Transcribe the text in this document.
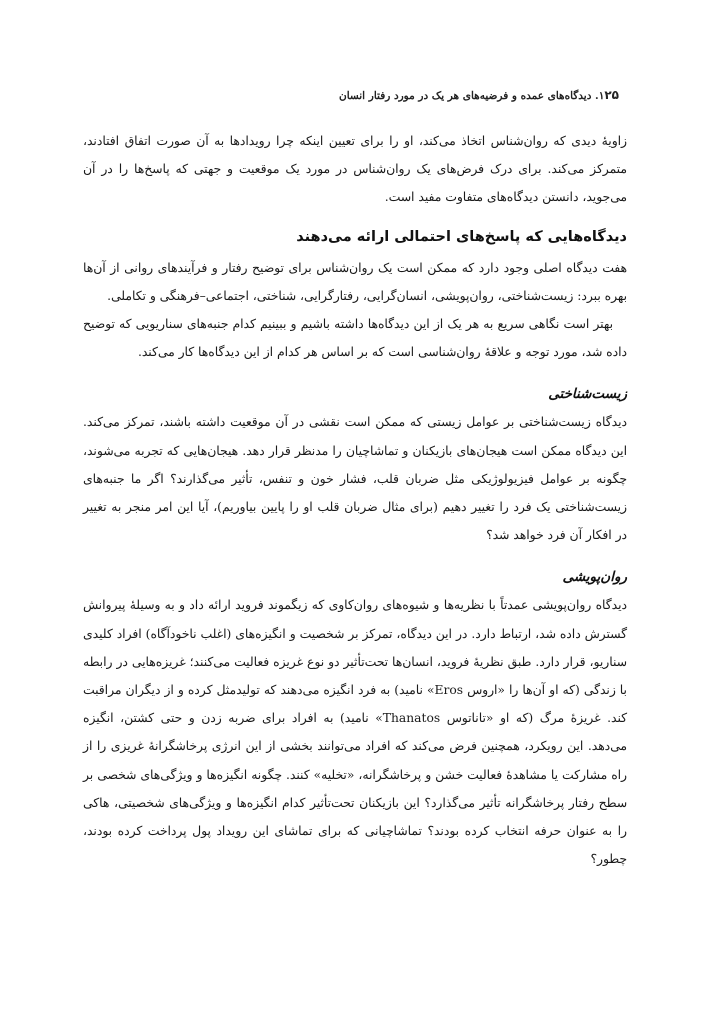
۲۵
۱. دیدگاه‌های عمده و فرضیه‌های هر یک در مورد رفتار انسان

زاویهٔ دیدی که روان‌شناس اتخاذ می‌کند، او را برای تعیین اینکه چرا رویدادها به آن صورت اتفاق افتادند، متمرکز می‌کند. برای درک فرض‌های یک روان‌شناس در مورد یک موقعیت و جهتی که پاسخ‌ها را در آن می‌جوید، دانستن دیدگاه‌های متفاوت مفید است.

دیدگاه‌هایی که پاسخ‌های احتمالی ارائه می‌دهند

هفت دیدگاه اصلی وجود دارد که ممکن است یک روان‌شناس برای توضیح رفتار و فرآیندهای روانی از آن‌ها بهره ببرد: زیست‌شناختی، روان‌پویشی، انسان‌گرایی، رفتارگرایی، شناختی، اجتماعی–فرهنگی و تکاملی.

بهتر است نگاهی سریع به هر یک از این دیدگاه‌ها داشته باشیم و ببینیم کدام جنبه‌های سناریویی که توضیح داده شد، مورد توجه و علاقهٔ روان‌شناسی است که بر اساس هر کدام از این دیدگاه‌ها کار می‌کند.

زیست‌شناختی

دیدگاه زیست‌شناختی بر عوامل زیستی که ممکن است نقشی در آن موقعیت داشته باشند، تمرکز می‌کند. این دیدگاه ممکن است هیجان‌های بازیکنان و تماشاچیان را مدنظر قرار دهد. هیجان‌هایی که تجربه می‌شوند، چگونه بر عوامل فیزیولوژیکی مثل ضربان قلب، فشار خون و تنفس، تأثیر می‌گذارند؟ اگر ما جنبه‌های زیست‌شناختی یک فرد را تغییر دهیم (برای مثال ضربان قلب او را پایین بیاوریم)، آیا این امر منجر به تغییر در افکار آن فرد خواهد شد؟

روان‌پویشی

دیدگاه روان‌پویشی عمدتاً با نظریه‌ها و شیوه‌های روان‌کاوی که زیگموند فروید ارائه داد و به وسیلهٔ پیروانش گسترش داده شد، ارتباط دارد. در این دیدگاه، تمرکز بر شخصیت و انگیزه‌های (اغلب ناخودآگاه) افراد کلیدی سناریو، قرار دارد. طبق نظریهٔ فروید، انسان‌ها تحت‌تأثیر دو نوع غریزه فعالیت می‌کنند؛ غریزه‌هایی در رابطه با زندگی (که او آن‌ها را «اروس Eros» نامید) به فرد انگیزه می‌دهند که تولیدمثل کرده و از دیگران مراقبت کند. غریزهٔ مرگ (که او «تاناتوس Thanatos» نامید) به افراد برای ضربه زدن و حتی کشتن، انگیزه می‌دهد. این رویکرد، همچنین فرض می‌کند که افراد می‌توانند بخشی از این انرژی پرخاشگرانهٔ غریزی را از راه مشارکت یا مشاهدهٔ فعالیت خشن و پرخاشگرانه، «تخلیه» کنند. چگونه انگیزه‌ها و ویژگی‌های شخصی بر سطح رفتار پرخاشگرانه تأثیر می‌گذارد؟ این بازیکنان تحت‌تأثیر کدام انگیزه‌ها و ویژگی‌های شخصیتی، هاکی را به عنوان حرفه انتخاب کرده بودند؟ تماشاچیانی که برای تماشای این رویداد پول پرداخت کرده بودند، چطور؟
